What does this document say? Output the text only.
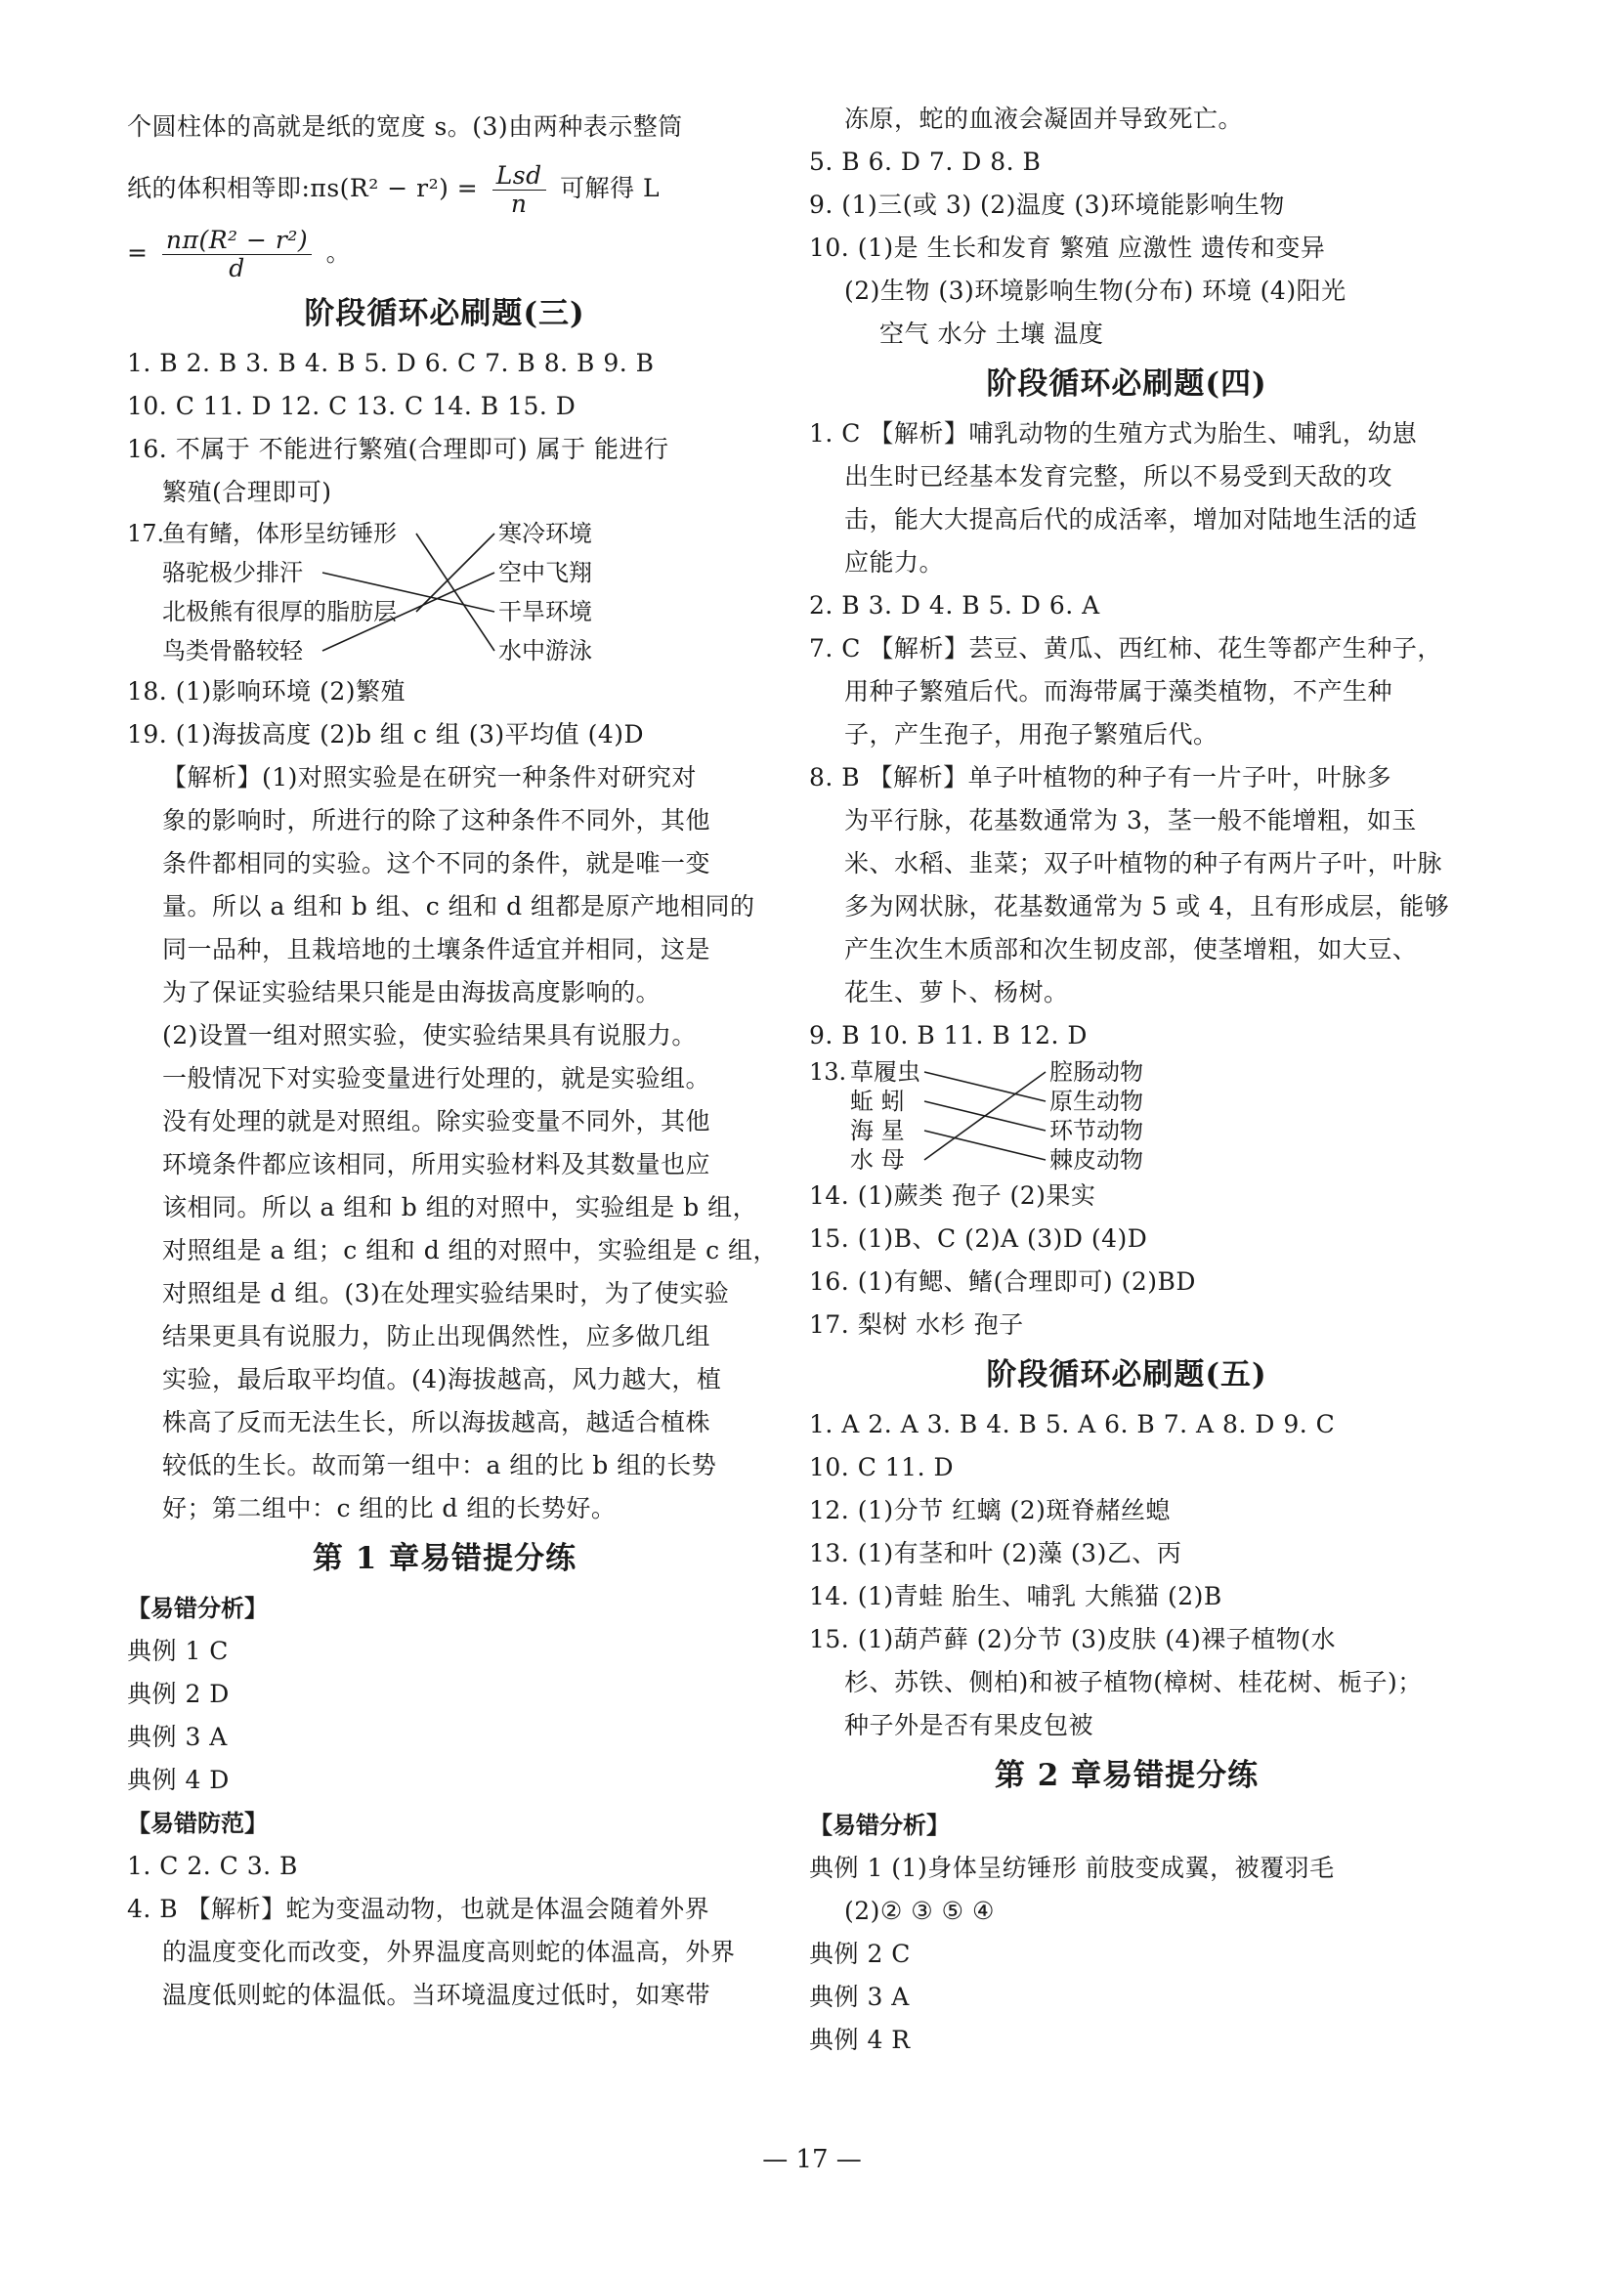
个圆柱体的高就是纸的宽度 s。(3)由两种表示整筒
纸的体积相等即:πs(R² − $r^2) = \frac{\text{Lsd}}{n}$ 可解得 L
= $\frac{\text{nπ(R² − r²)}}{d}$ 。
阶段循环必刷题(三)
1. B 2. B 3. B 4. B 5. D 6. C 7. B 8. B 9. B
10. C 11. D 12. C 13. C 14. B 15. D
16. 不属于 不能进行繁殖(合理即可) 属于 能进行
繁殖(合理即可)
17.
鱼有鳍，体形呈纺锤形
骆驼极少排汗
北极熊有很厚的脂肪层
鸟类骨骼较轻
寒冷环境
空中飞翔
干旱环境
水中游泳
18. (1)影响环境 (2)繁殖
19. (1)海拔高度 (2)b 组 c 组 (3)平均值 (4)D
【解析】(1)对照实验是在研究一种条件对研究对
象的影响时，所进行的除了这种条件不同外，其他
条件都相同的实验。这个不同的条件，就是唯一变
量。所以 a 组和 b 组、c 组和 d 组都是原产地相同的
同一品种，且栽培地的土壤条件适宜并相同，这是
为了保证实验结果只能是由海拔高度影响的。
(2)设置一组对照实验，使实验结果具有说服力。
一般情况下对实验变量进行处理的，就是实验组。
没有处理的就是对照组。除实验变量不同外，其他
环境条件都应该相同，所用实验材料及其数量也应
该相同。所以 a 组和 b 组的对照中，实验组是 b 组，
对照组是 a 组；c 组和 d 组的对照中，实验组是 c 组，
对照组是 d 组。(3)在处理实验结果时，为了使实验
结果更具有说服力，防止出现偶然性，应多做几组
实验，最后取平均值。(4)海拔越高，风力越大，植
株高了反而无法生长，所以海拔越高，越适合植株
较低的生长。故而第一组中：a 组的比 b 组的长势
好；第二组中：c 组的比 d 组的长势好。
第 1 章易错提分练
【易错分析】
典例 1 C
典例 2 D
典例 3 A
典例 4 D
【易错防范】
1. C 2. C 3. B
4. B 【解析】蛇为变温动物，也就是体温会随着外界
的温度变化而改变，外界温度高则蛇的体温高，外界
温度低则蛇的体温低。当环境温度过低时，如寒带
冻原，蛇的血液会凝固并导致死亡。
5. B 6. D 7. D 8. B
9. (1)三(或 3) (2)温度 (3)环境能影响生物
10. (1)是 生长和发育 繁殖 应激性 遗传和变异
(2)生物 (3)环境影响生物(分布) 环境 (4)阳光
空气 水分 土壤 温度
阶段循环必刷题(四)
1. C 【解析】哺乳动物的生殖方式为胎生、哺乳，幼崽
出生时已经基本发育完整，所以不易受到天敌的攻
击，能大大提高后代的成活率，增加对陆地生活的适
应能力。
2. B 3. D 4. B 5. D 6. A
7. C 【解析】芸豆、黄瓜、西红柿、花生等都产生种子，
用种子繁殖后代。而海带属于藻类植物，不产生种
子，产生孢子，用孢子繁殖后代。
8. B 【解析】单子叶植物的种子有一片子叶，叶脉多
为平行脉，花基数通常为 3，茎一般不能增粗，如玉
米、水稻、韭菜；双子叶植物的种子有两片子叶，叶脉
多为网状脉，花基数通常为 5 或 4，且有形成层，能够
产生次生木质部和次生韧皮部，使茎增粗，如大豆、
花生、萝卜、杨树。
9. B 10. B 11. B 12. D
13. 草履虫
蚯 蚓
海 星
水 母
腔肠动物
原生动物
环节动物
棘皮动物
14. (1)蕨类 孢子 (2)果实
15. (1)B、C (2)A (3)D (4)D
16. (1)有鳃、鳍(合理即可) (2)BD
17. 梨树 水杉 孢子
阶段循环必刷题(五)
1. A 2. A 3. B 4. B 5. A 6. B 7. A 8. D 9. C
10. C 11. D
12. (1)分节 红螭 (2)斑脊赭丝螅
13. (1)有茎和叶 (2)藻 (3)乙、丙
14. (1)青蛙 胎生、哺乳 大熊猫 (2)B
15. (1)葫芦藓 (2)分节 (3)皮肤 (4)裸子植物(水
杉、苏铁、侧柏)和被子植物(樟树、桂花树、栀子)；
种子外是否有果皮包被
第 2 章易错提分练
【易错分析】
典例 1 (1)身体呈纺锤形 前肢变成翼，被覆羽毛
(2)② ③ ⑤ ④
典例 2 C
典例 3 A
典例 4 R
— 17 —
